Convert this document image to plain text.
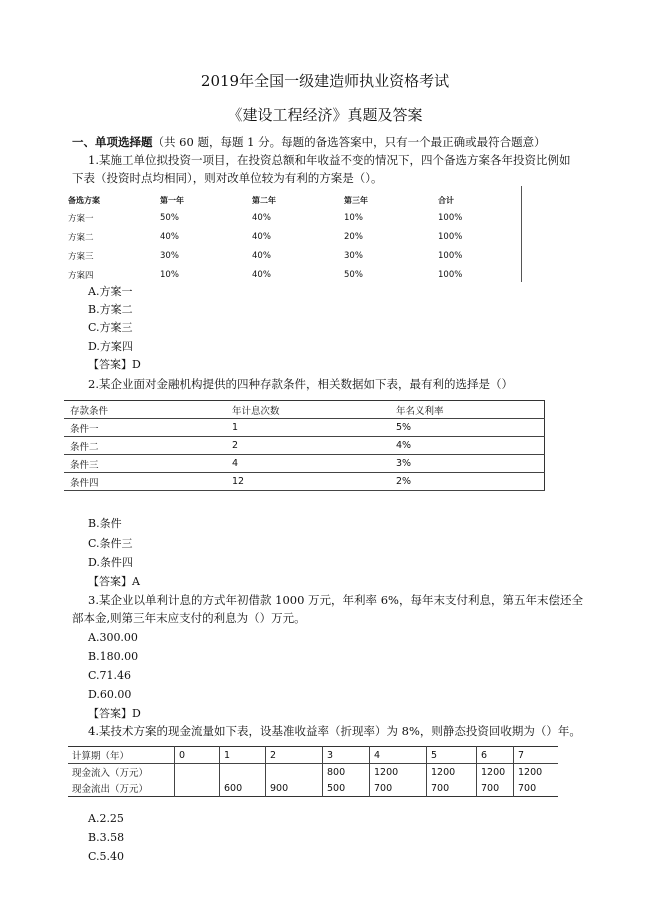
2019年全国一级建造师执业资格考试
《建设工程经济》真题及答案
一、单项选择题（共 60 题，每题 1 分。每题的备选答案中，只有一个最正确或最符合题意）
1.某施工单位拟投资一项目，在投资总额和年收益不变的情况下，四个备选方案各年投资比例如
下表（投资时点均相同），则对改单位较为有利的方案是（）。
备选方案	第一年	第二年	第三年	合计
方案一	50%	40%	10%	100%
方案二	40%	40%	20%	100%
方案三	30%	40%	30%	100%
方案四	10%	40%	50%	100%
A.方案一
B.方案二
C.方案三
D.方案四
【答案】D
2.某企业面对金融机构提供的四种存款条件，相关数据如下表，最有利的选择是（）
存款条件	年计息次数	年名义利率
条件一	1	5%
条件二	2	4%
条件三	4	3%
条件四	12	2%
B.条件
C.条件三
D.条件四
【答案】A
3.某企业以单利计息的方式年初借款 1000 万元，年利率 6%，每年末支付利息，第五年末偿还全
部本金,则第三年末应支付的利息为（）万元。
A.300.00
B.180.00
C.71.46
D.60.00
【答案】D
4.某技术方案的现金流量如下表，设基准收益率（折现率）为 8%，则静态投资回收期为（）年。
计算期（年）	0	1	2	3	4	5	6	7
现金流入（万元）				800	1200	1200	1200	1200
现金流出（万元）		600	900	500	700	700	700	700
A.2.25
B.3.58
C.5.40
